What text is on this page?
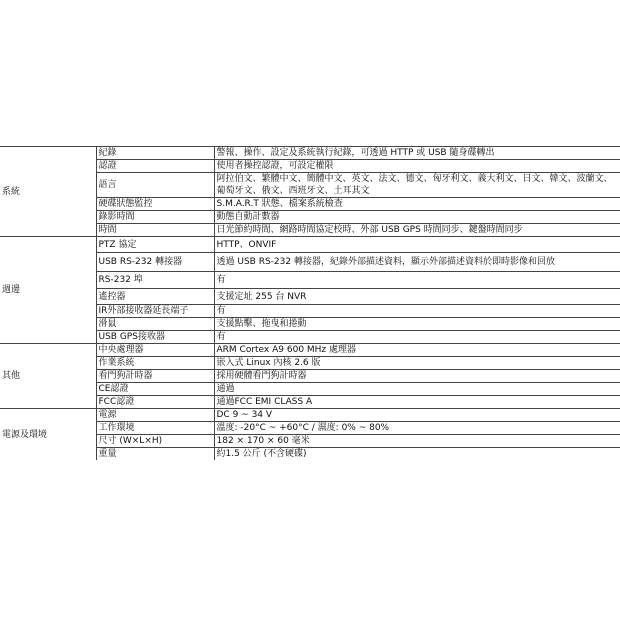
系統	紀錄	警報、操作、設定及系統執行紀錄，可透過 HTTP 或 USB 隨身碟轉出
	認證	使用者操控認證，可設定權限
	語言	阿拉伯文、繁體中文、簡體中文、英文、法文、德文、匈牙利文、義大利文、日文、韓文、波蘭文、葡萄牙文、俄文、西班牙文、土耳其文
	硬碟狀態監控	S.M.A.R.T 狀態、檔案系統檢查
	錄影時間	動態自動計數器
	時間	日光節約時間、網路時間協定校時、外部 USB GPS 時間同步、鍵盤時間同步

週邊	PTZ 協定	HTTP、ONVIF
	USB RS-232 轉接器	透過 USB RS-232 轉接器，紀錄外部描述資料，顯示外部描述資料於即時影像和回放
	RS-232 埠	有
	遙控器	支援定址 255 台 NVR
	IR外部接收器延長端子	有
	滑鼠	支援點擊、拖曳和捲動
	USB GPS接收器	有
其他	中央處理器	ARM Cortex A9 600 MHz 處理器
	作業系統	嵌入式 Linux 內核 2.6 版
	看門狗計時器	採用硬體看門狗計時器
	CE認證	通過
	FCC認證	通過FCC EMI CLASS A
電源及環境	電源	DC 9 ~ 34 V
	工作環境	溫度: -20°C ~ +60°C / 濕度: 0% ~ 80%
	尺寸 (W×L×H)	182 × 170 × 60 毫米
	重量	約1.5 公斤 (不含硬碟)
